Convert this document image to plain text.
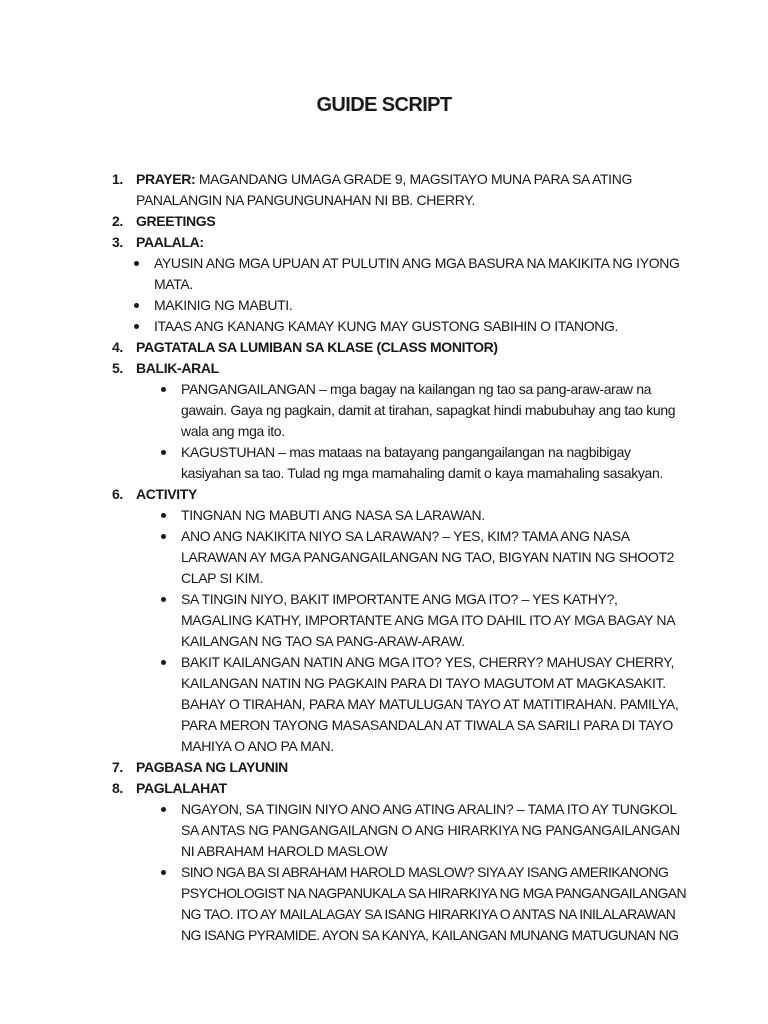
GUIDE SCRIPT
1. PRAYER: MAGANDANG UMAGA GRADE 9, MAGSITAYO MUNA PARA SA ATING PANALANGIN NA PANGUNGUNAHAN NI BB. CHERRY.
2. GREETINGS
3. PAALALA:
AYUSIN ANG MGA UPUAN AT PULUTIN ANG MGA BASURA NA MAKIKITA NG IYONG MATA.
MAKINIG NG MABUTI.
ITAAS ANG KANANG KAMAY KUNG MAY GUSTONG SABIHIN O ITANONG.
4. PAGTATALA SA LUMIBAN SA KLASE (CLASS MONITOR)
5. BALIK-ARAL
PANGANGAILANGAN – mga bagay na kailangan ng tao sa pang-araw-araw na gawain. Gaya ng pagkain, damit at tirahan, sapagkat hindi mabubuhay ang tao kung wala ang mga ito.
KAGUSTUHAN – mas mataas na batayang pangangailangan na nagbibigay kasiyahan sa tao. Tulad ng mga mamahaling damit o kaya mamahaling sasakyan.
6. ACTIVITY
TINGNAN NG MABUTI ANG NASA SA LARAWAN.
ANO ANG NAKIKITA NIYO SA LARAWAN? – YES, KIM? TAMA ANG NASA LARAWAN AY MGA PANGANGAILANGAN NG TAO, BIGYAN NATIN NG SHOOT2 CLAP SI KIM.
SA TINGIN NIYO, BAKIT IMPORTANTE ANG MGA ITO? – YES KATHY?, MAGALING KATHY, IMPORTANTE ANG MGA ITO DAHIL ITO AY MGA BAGAY NA KAILANGAN NG TAO SA PANG-ARAW-ARAW.
BAKIT KAILANGAN NATIN ANG MGA ITO? YES, CHERRY? MAHUSAY CHERRY, KAILANGAN NATIN NG PAGKAIN PARA DI TAYO MAGUTOM AT MAGKASAKIT. BAHAY O TIRAHAN, PARA MAY MATULUGAN TAYO AT MATITIRAHAN. PAMILYA, PARA MERON TAYONG MASASANDALAN AT TIWALA SA SARILI PARA DI TAYO MAHIYA O ANO PA MAN.
7. PAGBASA NG LAYUNIN
8. PAGLALAHAT
NGAYON, SA TINGIN NIYO ANO ANG ATING ARALIN? – TAMA ITO AY TUNGKOL SA ANTAS NG PANGANGAILANGN O ANG HIRARKIYA NG PANGANGAILANGAN NI ABRAHAM HAROLD MASLOW
SINO NGA BA SI ABRAHAM HAROLD MASLOW? SIYA AY ISANG AMERIKANONG PSYCHOLOGIST NA NAGPANUKALA SA HIRARKIYA NG MGA PANGANGAILANGAN NG TAO. ITO AY MAILALAGAY SA ISANG HIRARKIYA O ANTAS NA INILALARAWAN NG ISANG PYRAMIDE. AYON SA KANYA, KAILANGAN MUNANG MATUGUNAN NG
